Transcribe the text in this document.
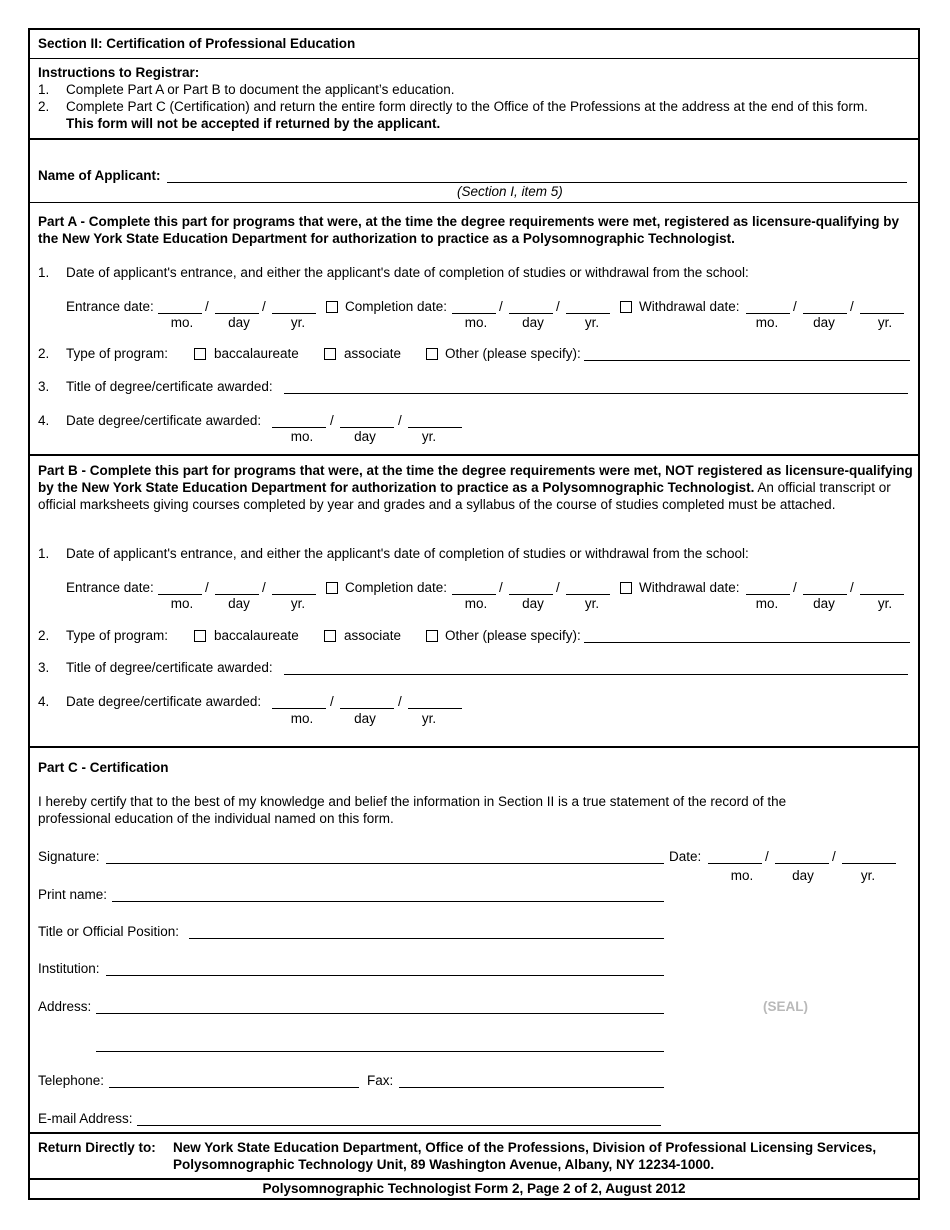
Section II: Certification of Professional Education
Instructions to Registrar:
1. Complete Part A or Part B to document the applicant’s education.
2. Complete Part C (Certification) and return the entire form directly to the Office of the Professions at the address at the end of this form.
This form will not be accepted if returned by the applicant.
Name of Applicant:
(Section I, item 5)
Part A - Complete this part for programs that were, at the time the degree requirements were met, registered as licensure-qualifying by the New York State Education Department for authorization to practice as a Polysomnographic Technologist.
1. Date of applicant's entrance, and either the applicant's date of completion of studies or withdrawal from the school:
Entrance date:	/	/	Completion date:	/	/	Withdrawal date:	/	/
mo.	day	yr.	mo.	day	yr.	mo.	day	yr.
2. Type of program:	baccalaureate	associate	Other (please specify):
3. Title of degree/certificate awarded:
4. Date degree/certificate awarded:	/	/
mo.	day	yr.
Part B - Complete this part for programs that were, at the time the degree requirements were met, NOT registered as licensure-qualifying by the New York State Education Department for authorization to practice as a Polysomnographic Technologist. An official transcript or official marksheets giving courses completed by year and grades and a syllabus of the course of studies completed must be attached.
1. Date of applicant's entrance, and either the applicant's date of completion of studies or withdrawal from the school:
Entrance date:	/	/	Completion date:	/	/	Withdrawal date:	/	/
mo.	day	yr.	mo.	day	yr.	mo.	day	yr.
2. Type of program:	baccalaureate	associate	Other (please specify):
3. Title of degree/certificate awarded:
4. Date degree/certificate awarded:	/	/
mo.	day	yr.
Part C - Certification
I hereby certify that to the best of my knowledge and belief the information in Section II is a true statement of the record of the professional education of the individual named on this form.
Signature:	Date:	/	/
mo.	day	yr.
Print name:
Title or Official Position:
Institution:
Address:	(SEAL)
Telephone:	Fax:
E-mail Address:
Return Directly to: New York State Education Department, Office of the Professions, Division of Professional Licensing Services,
Polysomnographic Technology Unit, 89 Washington Avenue, Albany, NY 12234-1000.
Polysomnographic Technologist Form 2, Page 2 of 2, August 2012
